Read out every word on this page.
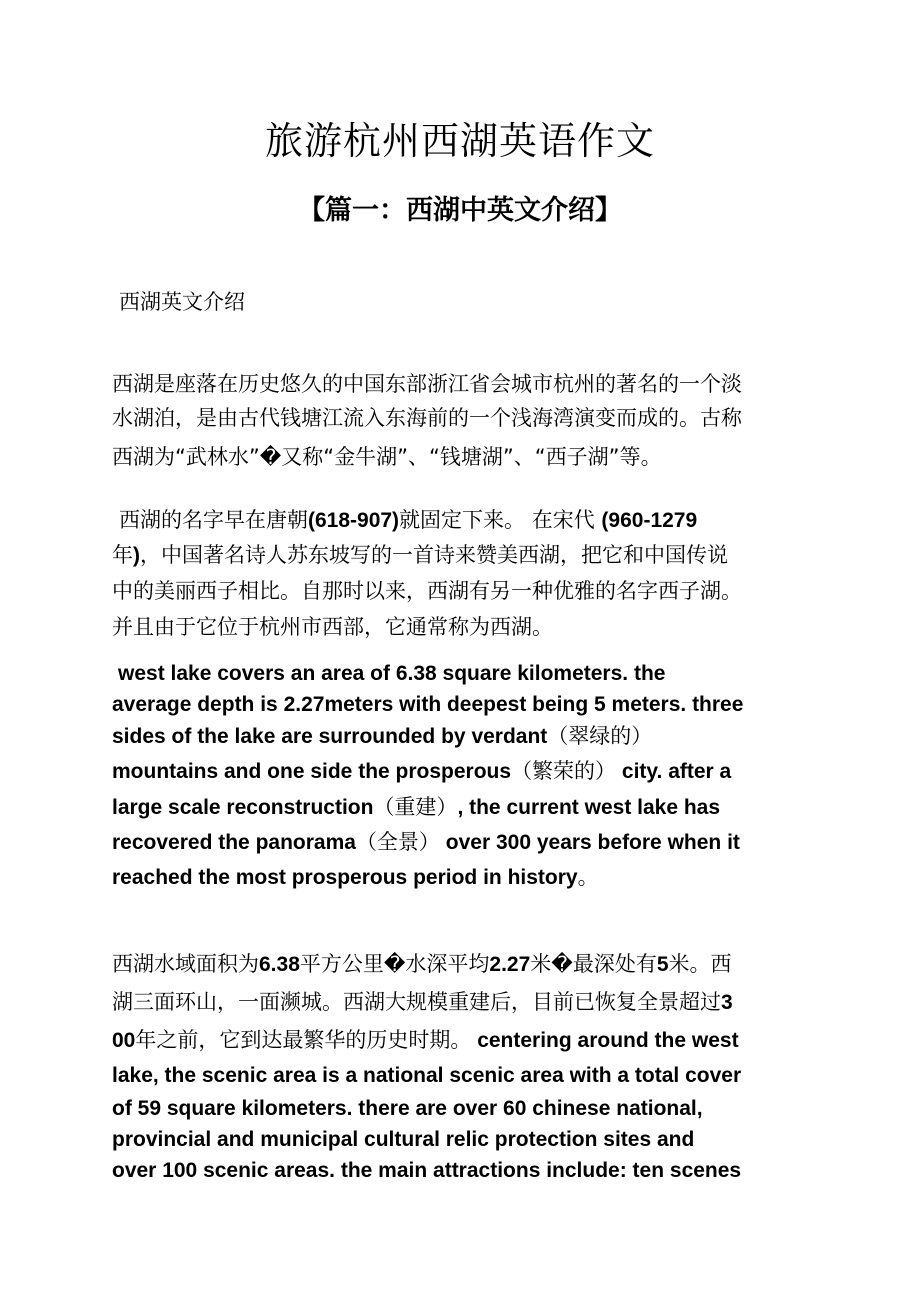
旅游杭州西湖英语作文
【篇一：西湖中英文介绍】
西湖英文介绍
西湖是座落在历史悠久的中国东部浙江省会城市杭州的著名的一个淡
水湖泊，是由古代钱塘江流入东海前的一个浅海湾演变而成的。古称
西湖为“武林水”�又称“金牛湖”、“钱塘湖”、“西子湖”等。
西湖的名字早在唐朝(618-907)就固定下来。 在宋代 (960-1279
年)，中国著名诗人苏东坡写的一首诗来赞美西湖，把它和中国传说
中的美丽西子相比。自那时以来，西湖有另一种优雅的名字西子湖。
并且由于它位于杭州市西部，它通常称为西湖。
west lake covers an area of 6.38 square kilometers. the
average depth is 2.27meters with deepest being 5 meters. three
sides of the lake are surrounded by verdant（翠绿的）
mountains and one side the prosperous（繁荣的） city. after a
large scale reconstruction（重建）, the current west lake has
recovered the panorama（全景） over 300 years before when it
reached the most prosperous period in history。
西湖水域面积为6.38平方公里�水深平均2.27米�最深处有5米。西
湖三面环山，一面濒城。西湖大规模重建后，目前已恢复全景超过3
00年之前，它到达最繁华的历史时期。 centering around the west
lake, the scenic area is a national scenic area with a total cover
of 59 square kilometers. there are over 60 chinese national,
provincial and municipal cultural relic protection sites and
over 100 scenic areas. the main attractions include: ten scenes
